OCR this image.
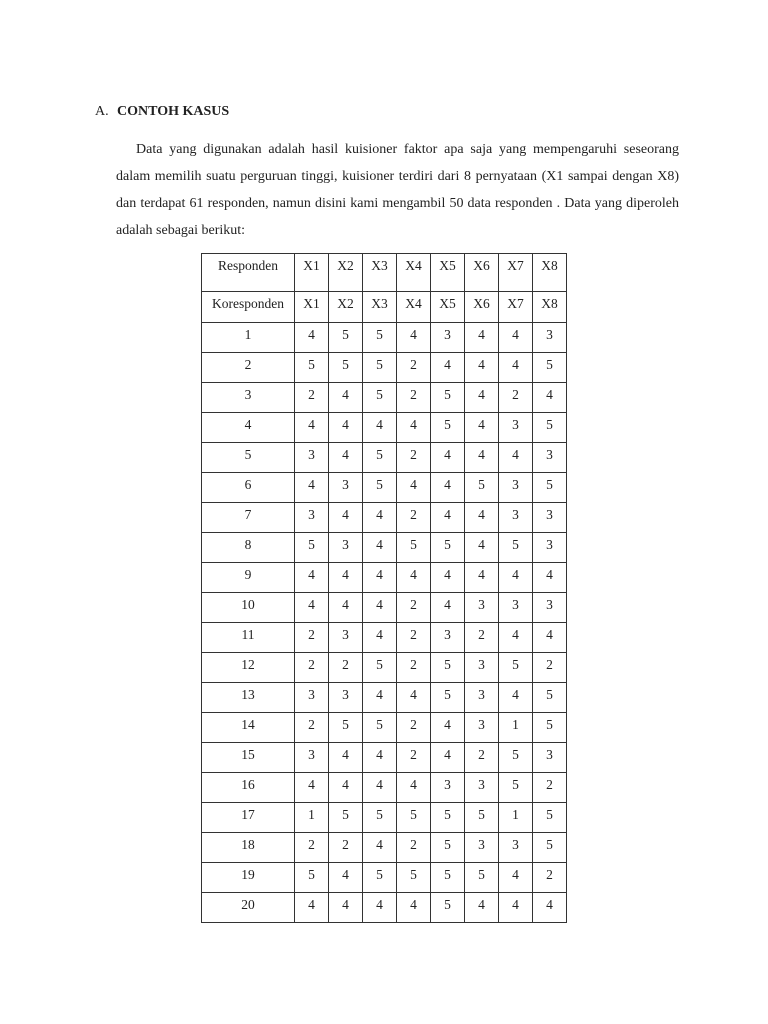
A. CONTOH KASUS

Data yang digunakan adalah hasil kuisioner faktor apa saja yang mempengaruhi seseorang dalam memilih suatu perguruan tinggi, kuisioner terdiri dari 8 pernyataan (X1 sampai dengan X8) dan terdapat 61 responden, namun disini kami mengambil 50 data responden . Data yang diperoleh adalah sebagai berikut:

Responden	X1	X2	X3	X4	X5	X6	X7	X8
Koresponden	X1	X2	X3	X4	X5	X6	X7	X8
1	4	5	5	4	3	4	4	3
2	5	5	5	2	4	4	4	5
3	2	4	5	2	5	4	2	4
4	4	4	4	4	5	4	3	5
5	3	4	5	2	4	4	4	3
6	4	3	5	4	4	5	3	5
7	3	4	4	2	4	4	3	3
8	5	3	4	5	5	4	5	3
9	4	4	4	4	4	4	4	4
10	4	4	4	2	4	3	3	3
11	2	3	4	2	3	2	4	4
12	2	2	5	2	5	3	5	2
13	3	3	4	4	5	3	4	5
14	2	5	5	2	4	3	1	5
15	3	4	4	2	4	2	5	3
16	4	4	4	4	3	3	5	2
17	1	5	5	5	5	5	1	5
18	2	2	4	2	5	3	3	5
19	5	4	5	5	5	5	4	2
20	4	4	4	4	5	4	4	4
